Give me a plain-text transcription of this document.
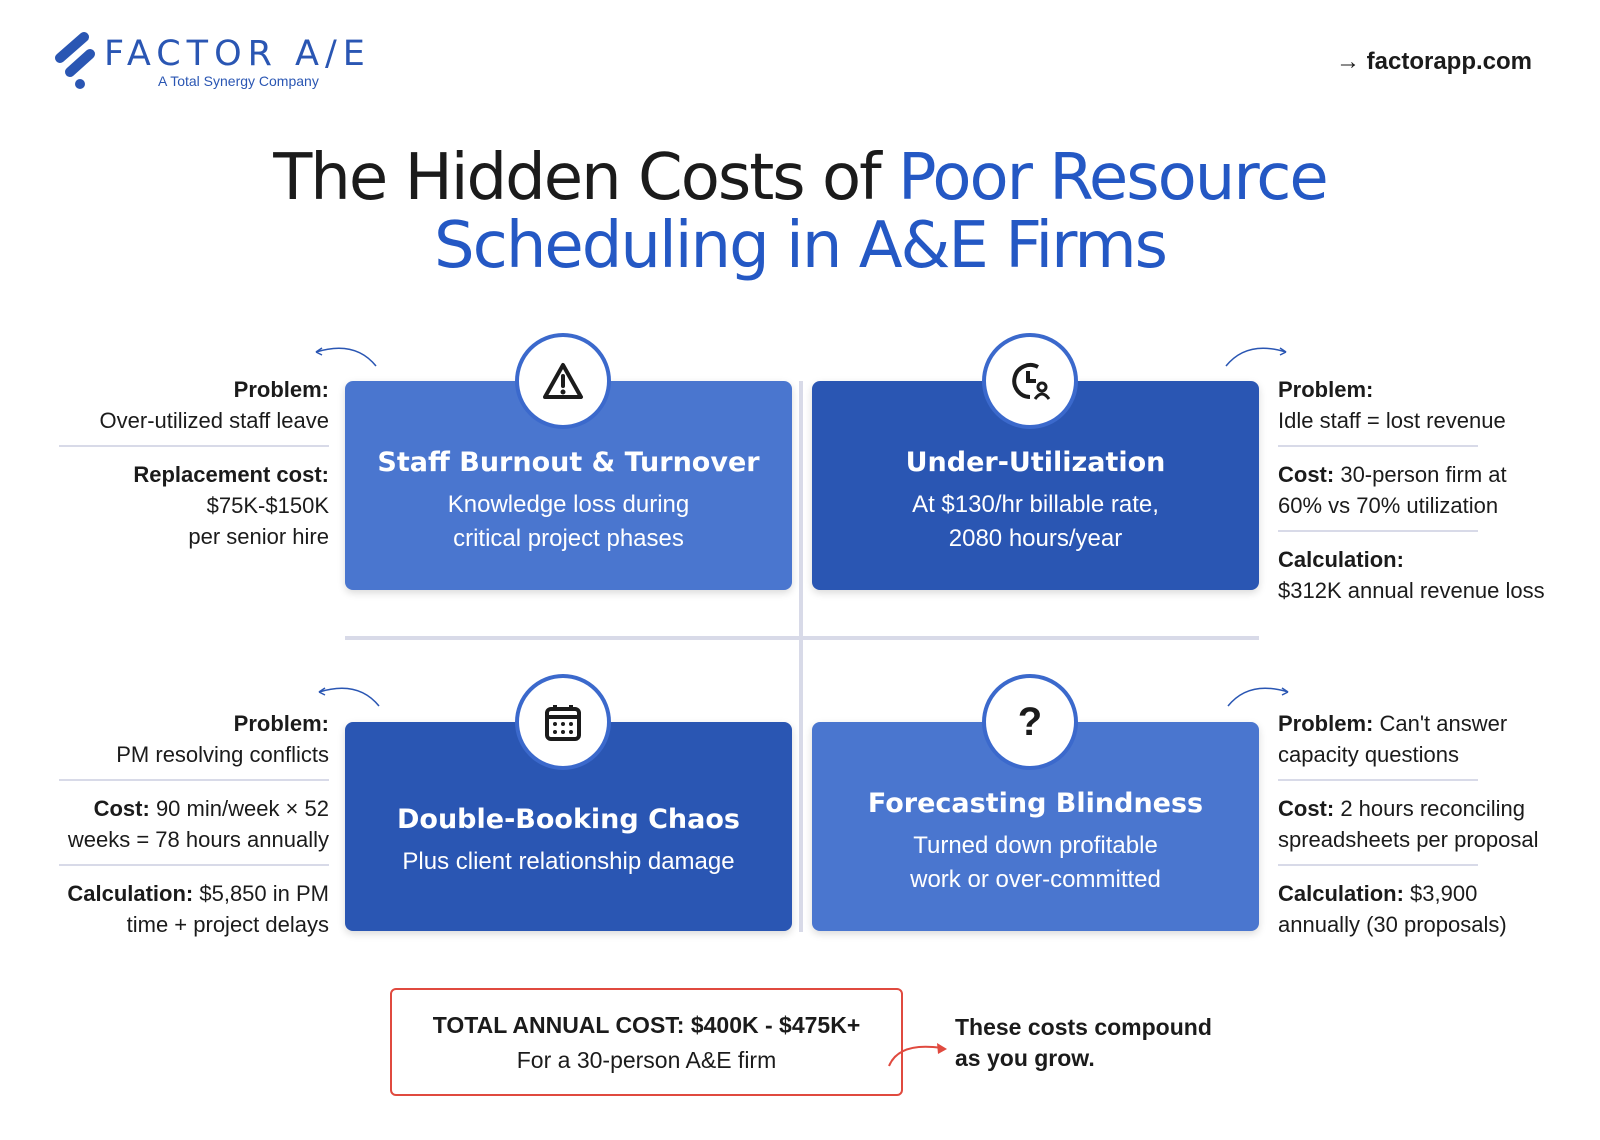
FACTOR A/E
A Total Synergy Company
→ factorapp.com
The Hidden Costs of Poor Resource
Scheduling in A&E Firms
Staff Burnout & Turnover
Knowledge loss during
critical project phases
Under-Utilization
At $130/hr billable rate,
2080 hours/year
Double-Booking Chaos
Plus client relationship damage
Forecasting Blindness
Turned down profitable
work or over-committed
?
Problem:
Over-utilized staff leave
Replacement cost:

$75K-$150K per senior hire
Problem:
Idle staff = lost revenue
Cost: 30-person firm at 60% vs 70% utilization
Calculation:
$312K annual revenue loss
Problem:
PM resolving conflicts
Cost: 90 min/week × 52 weeks = 78 hours annually
Calculation: $5,850 in PM time + project delays
Problem: Can't answer capacity questions
Cost: 2 hours reconciling spreadsheets per proposal
Calculation: $3,900 annually (30 proposals)
TOTAL ANNUAL COST: $400K - $475K+
For a 30-person A&E firm
These costs compound
as you grow.
